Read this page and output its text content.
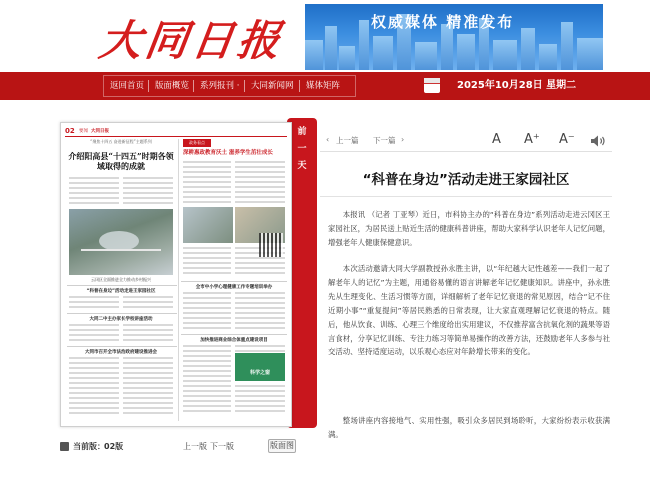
大同日报	权威媒体 精准发布
返回首页 版面概览 系列报刊 · 大同新闻网 媒体矩阵	2025年10月28日 星期二
前
一
天
02 要闻 大同日报
“聚焦十四五 奋进新征程”主题系列
介绍阳高县“十四五”时期各领域取得的成就
云冈区全面推进全力推动乡村振兴
“科普在身边”活动走进王家园社区
大同二中主办家长学校讲座活动
大同市召开全市法治政府建设推进会
政务看点
深耕惠政教育沃土 滋养学生茁壮成长
全市中小学心理健康工作专题培训举办
加快推进商业综合体重点建设项目
科学之窗
当前版： 02版	上一版 下一版	版面图
‹ 上一篇 下一篇 ›	A A⁺ A⁻
“科普在身边”活动走进王家园社区

本报讯 （记者 丁亚琴）近日，市科协主办的“科普在身边”系列活动走进云冈区王家园社区，为居民送上贴近生活的健康科普讲座，帮助大家科学认识老年人记忆问题，增强老年人健康保健意识。

本次活动邀请大同大学副教授孙永胜主讲，以“年纪越大记性越差——我们一起了解老年人的记忆”为主题，用通俗易懂的语言讲解老年记忆健康知识。讲座中，孙永胜先从生理变化、生活习惯等方面，详细解析了老年记忆衰退的常见原因，结合“记不住近期小事”“重复提问”等居民熟悉的日常表现，让大家直观理解记忆衰退的特点。随后，他从饮食、训练、心理三个维度给出实用建议，不仅推荐富含抗氧化剂的蔬果等语言食材，分享记忆训练、专注力练习等简单易操作的改善方法，还鼓励老年人多参与社交活动、坚持适度运动，以乐观心态应对年龄增长带来的变化。

整场讲座内容接地气、实用性强，吸引众多居民到场聆听，大家纷纷表示收获满满。
